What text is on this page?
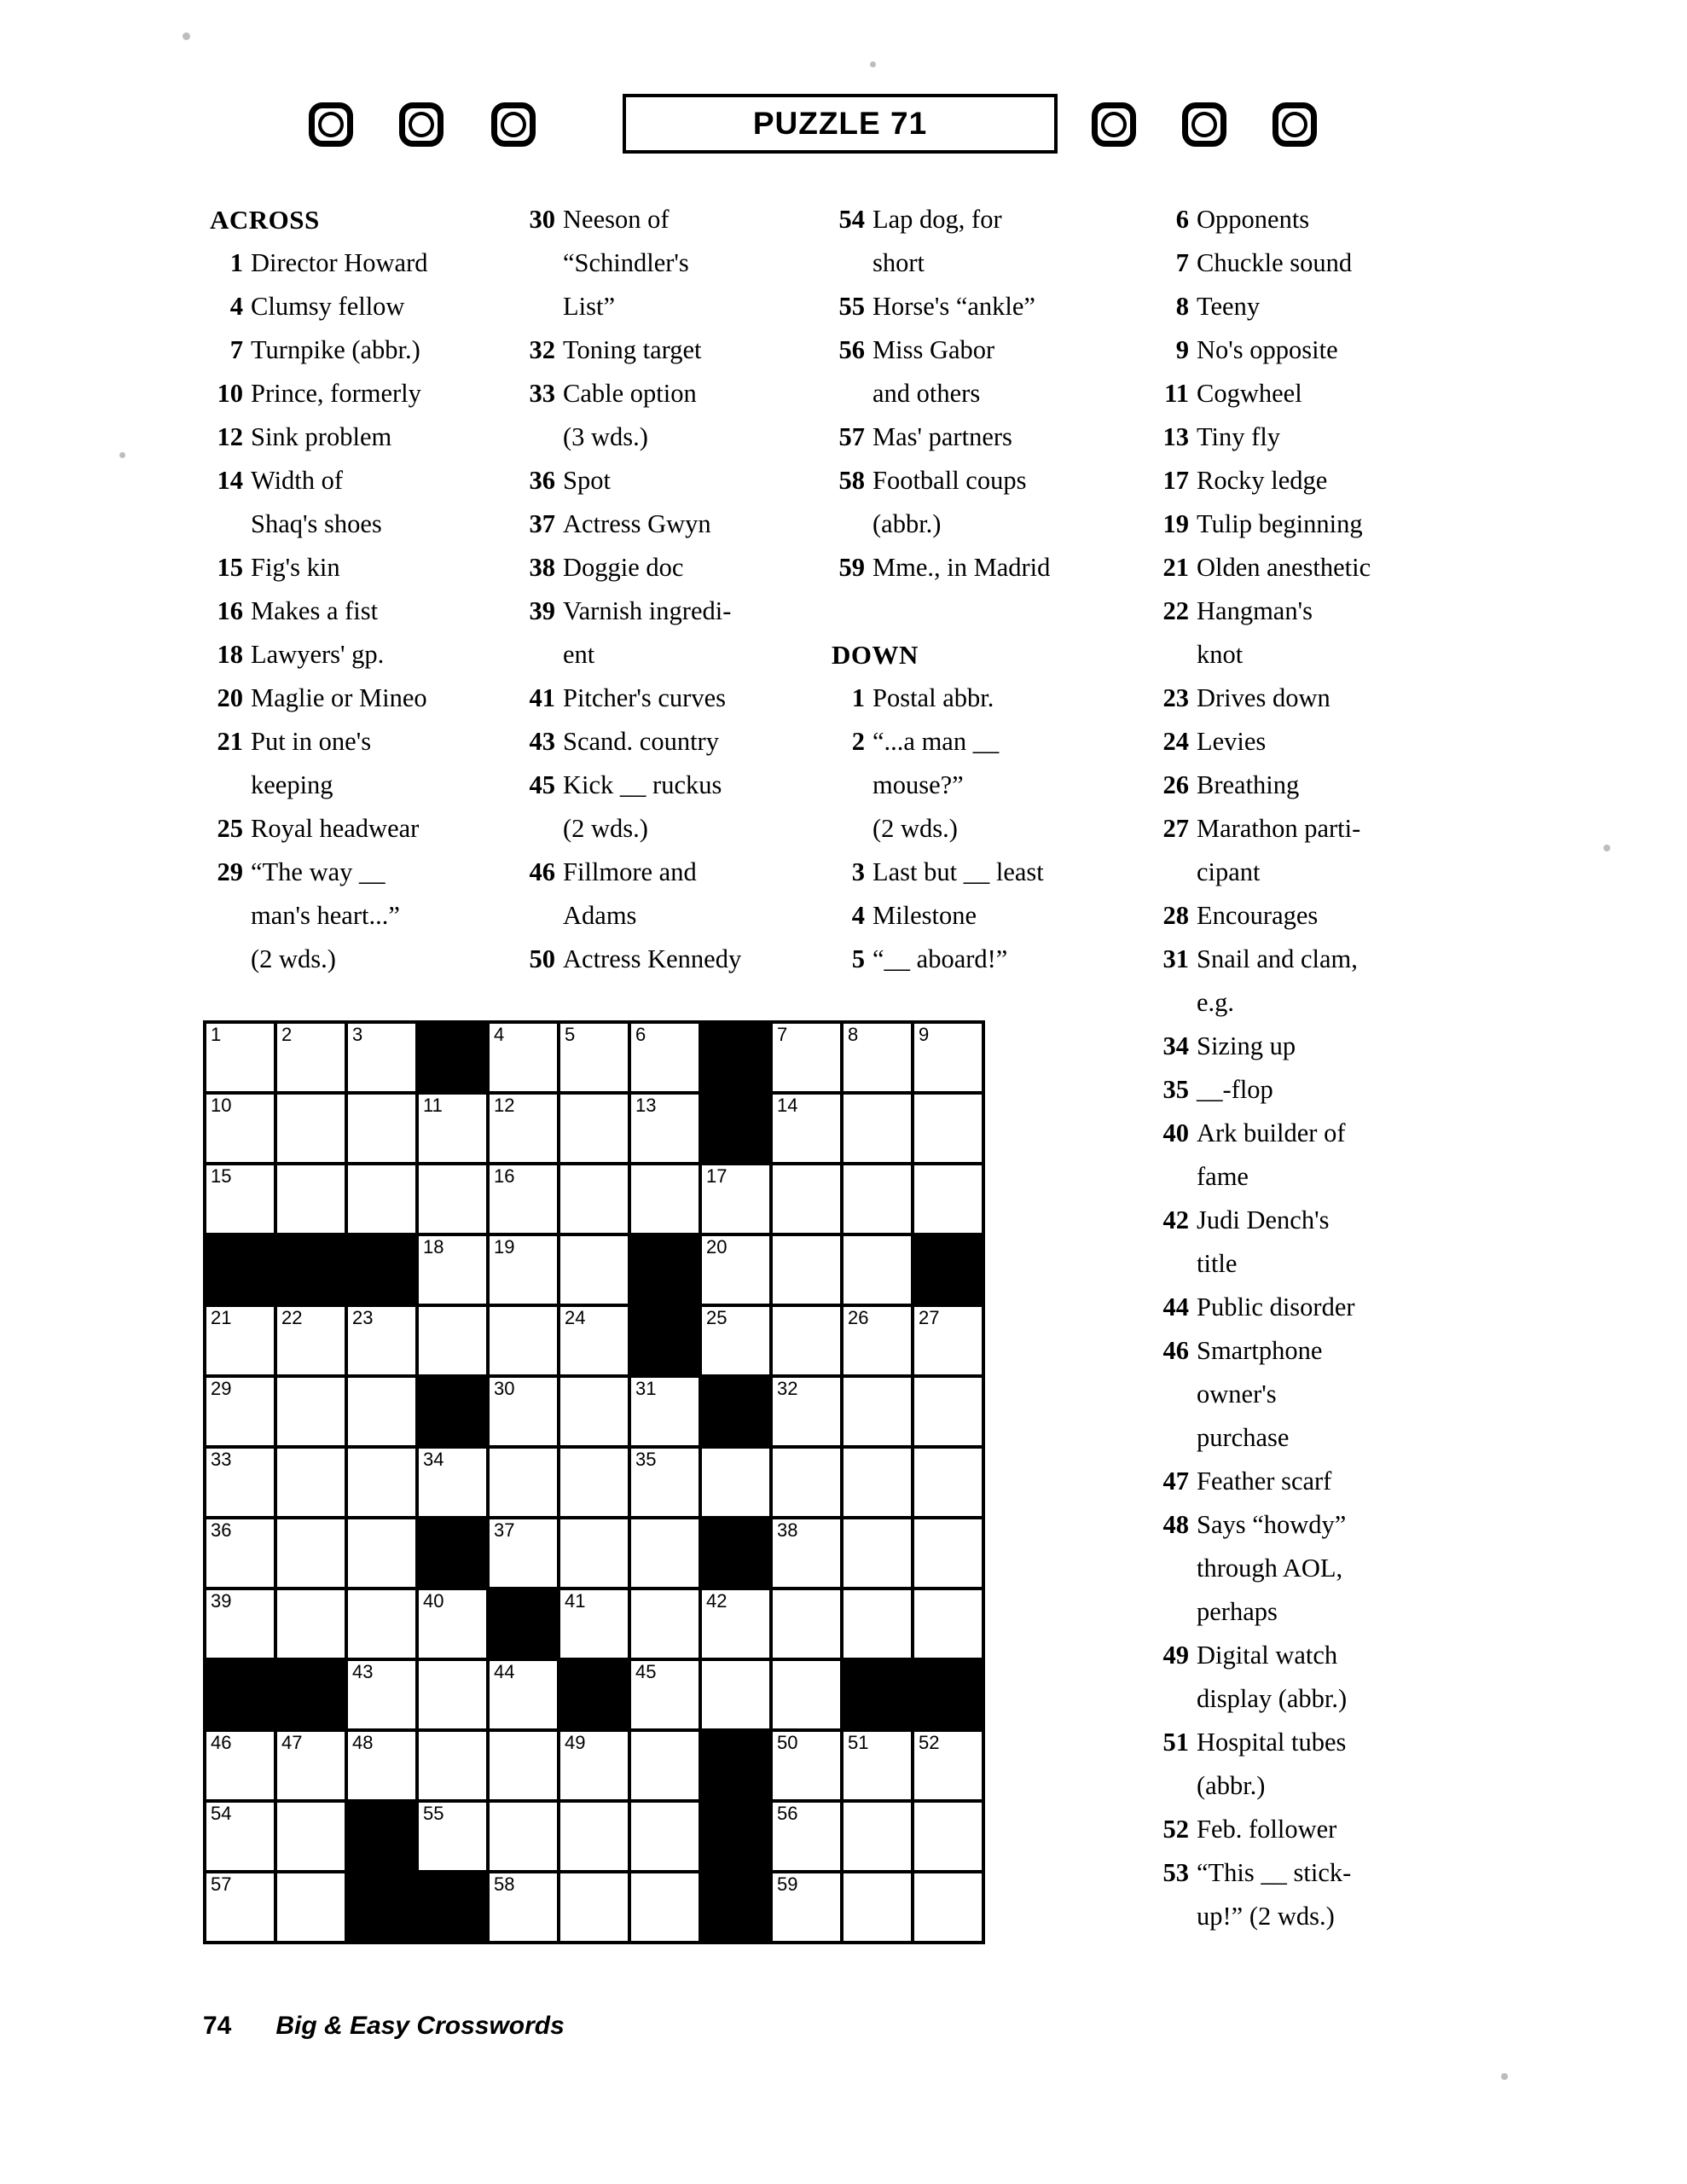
PUZZLE 71
ACROSS
1 Director Howard
4 Clumsy fellow
7 Turnpike (abbr.)
10 Prince, formerly
12 Sink problem
14 Width of
Shaq's shoes
15 Fig's kin
16 Makes a fist
18 Lawyers' gp.
20 Maglie or Mineo
21 Put in one's
keeping
25 Royal headwear
29 “The way __
man's heart...”
(2 wds.)
30 Neeson of
“Schindler's
List”
32 Toning target
33 Cable option
(3 wds.)
36 Spot
37 Actress Gwyn
38 Doggie doc
39 Varnish ingredi-
ent
41 Pitcher's curves
43 Scand. country
45 Kick __ ruckus
(2 wds.)
46 Fillmore and
Adams
50 Actress Kennedy
54 Lap dog, for
short
55 Horse's “ankle”
56 Miss Gabor
and others
57 Mas' partners
58 Football coups
(abbr.)
59 Mme., in Madrid
DOWN
1 Postal abbr.
2 “...a man __
mouse?”
(2 wds.)
3 Last but __ least
4 Milestone
5 “__ aboard!”
6 Opponents
7 Chuckle sound
8 Teeny
9 No's opposite
11 Cogwheel
13 Tiny fly
17 Rocky ledge
19 Tulip beginning
21 Olden anesthetic
22 Hangman's
knot
23 Drives down
24 Levies
26 Breathing
27 Marathon parti-
cipant
28 Encourages
31 Snail and clam,
e.g.
34 Sizing up
35 __-flop
40 Ark builder of
fame
42 Judi Dench's
title
44 Public disorder
46 Smartphone
owner's
purchase
47 Feather scarf
48 Says “howdy”
through AOL,
perhaps
49 Digital watch
display (abbr.)
51 Hospital tubes
(abbr.)
52 Feb. follower
53 “This __ stick-
up!” (2 wds.)
1	2	3	4	5	6	7	8	9
10	11	12	13	14
15	16	17
18	19	20
21	22	23	24	25	26	27
29	30	31	32
33	34	35
36	37	38
39	40	41	42
43	44	45
46	47	48	49	50	51	52
54	55	56
57	58	59
74 Big & Easy Crosswords
